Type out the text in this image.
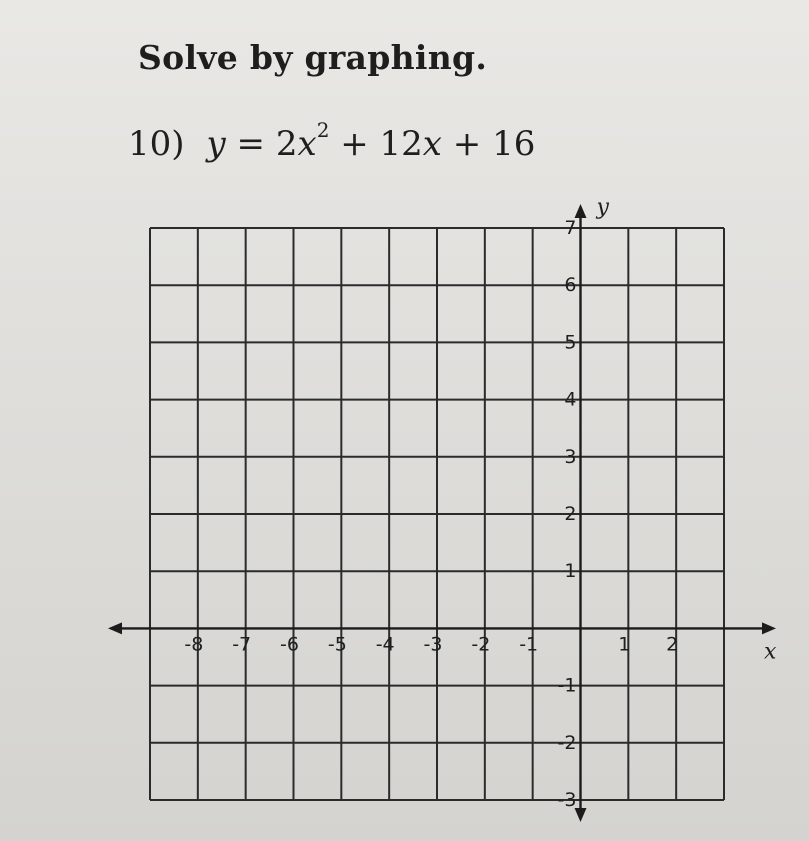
Solve by graphing.
10) $y = 2x^2 + 12x + 16$
-8 -7 -6 -5 -4 -3 -2 -1	1 2
7
6
5
4
3
2
1
-1
-2
-3
x
y
